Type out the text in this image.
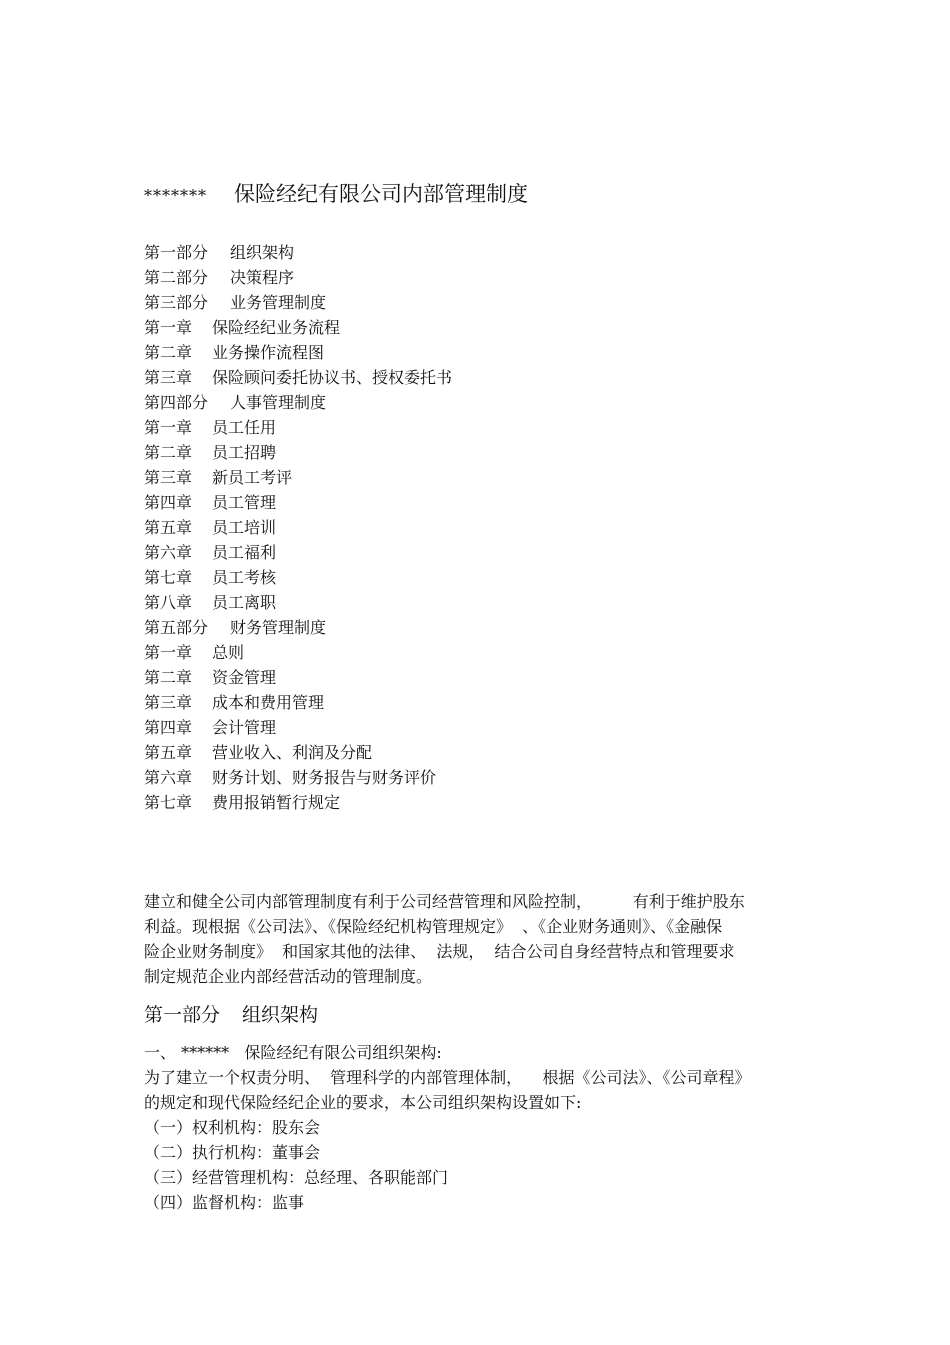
******* 保险经纪有限公司内部管理制度
第一部分 组织架构
第二部分 决策程序
第三部分 业务管理制度
第一章 保险经纪业务流程
第二章 业务操作流程图
第三章 保险顾问委托协议书、授权委托书
第四部分 人事管理制度
第一章 员工任用
第二章 员工招聘
第三章 新员工考评
第四章 员工管理
第五章 员工培训
第六章 员工福利
第七章 员工考核
第八章 员工离职
第五部分 财务管理制度
第一章 总则
第二章 资金管理
第三章 成本和费用管理
第四章 会计管理
第五章 营业收入、利润及分配
第六章 财务计划、财务报告与财务评价
第七章 费用报销暂行规定
建立和健全公司内部管理制度有利于公司经营管理和风险控制，        有利于维护股东
利益。现根据《公司法》、《保险经纪机构管理规定》  、《企业财务通则》、《金融保
险企业财务制度》  和国家其他的法律、  法规，  结合公司自身经营特点和管理要求
制定规范企业内部经营活动的管理制度。
第一部分 组织架构
一、 ******   保险经纪有限公司组织架构:
为了建立一个权责分明、  管理科学的内部管理体制，    根据《公司法》、《公司章程》
的规定和现代保险经纪企业的要求，本公司组织架构设置如下:
（一）权利机构：股东会
（二）执行机构：董事会
（三）经营管理机构：总经理、各职能部门
（四）监督机构：监事
